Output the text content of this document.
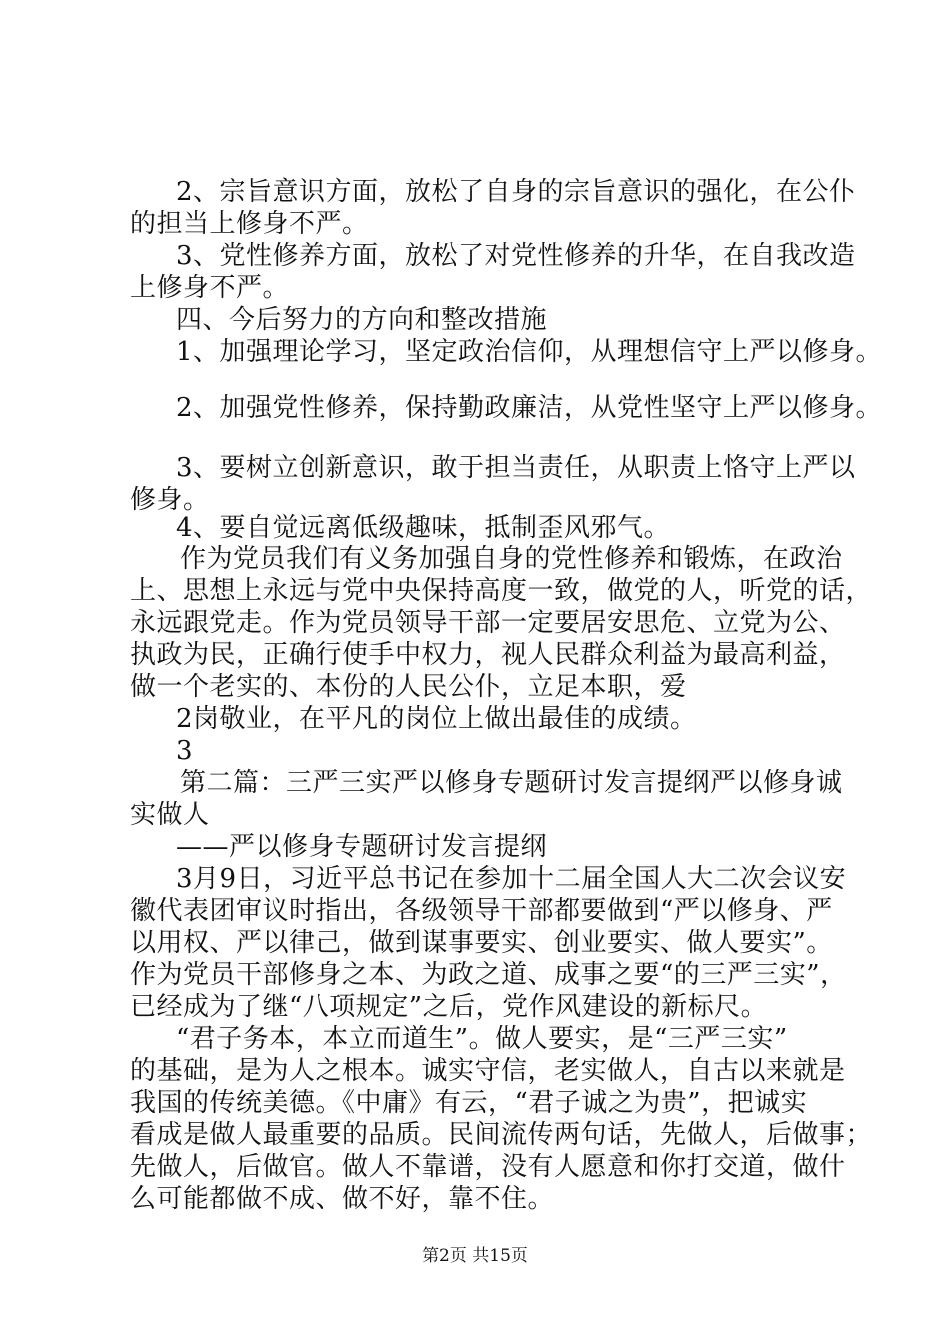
2、宗旨意识方面，放松了自身的宗旨意识的强化，在公仆
的担当上修身不严。
3、党性修养方面，放松了对党性修养的升华，在自我改造
上修身不严。
四、今后努力的方向和整改措施
1、加强理论学习，坚定政治信仰，从理想信守上严以修身。
2、加强党性修养，保持勤政廉洁，从党性坚守上严以修身。
3、要树立创新意识，敢于担当责任，从职责上恪守上严以
修身。
4、要自觉远离低级趣味，抵制歪风邪气。
作为党员我们有义务加强自身的党性修养和锻炼，在政治
上、思想上永远与党中央保持高度一致，做党的人，听党的话，
永远跟党走。作为党员领导干部一定要居安思危、立党为公、
执政为民，正确行使手中权力，视人民群众利益为最高利益，
做一个老实的、本份的人民公仆，立足本职，爱
2岗敬业，在平凡的岗位上做出最佳的成绩。
3
第二篇：三严三实严以修身专题研讨发言提纲严以修身诚
实做人
——严以修身专题研讨发言提纲
3月9日，习近平总书记在参加十二届全国人大二次会议安
徽代表团审议时指出，各级领导干部都要做到“严以修身、严
以用权、严以律己，做到谋事要实、创业要实、做人要实”。
作为党员干部修身之本、为政之道、成事之要“的三严三实”，
已经成为了继“八项规定”之后，党作风建设的新标尺。
“君子务本，本立而道生”。做人要实，是“三严三实”
的基础，是为人之根本。诚实守信，老实做人，自古以来就是
我国的传统美德。《中庸》有云，“君子诚之为贵”，把诚实
看成是做人最重要的品质。民间流传两句话，先做人，后做事；
先做人，后做官。做人不靠谱，没有人愿意和你打交道，做什
么可能都做不成、做不好，靠不住。
第2页 共15页
